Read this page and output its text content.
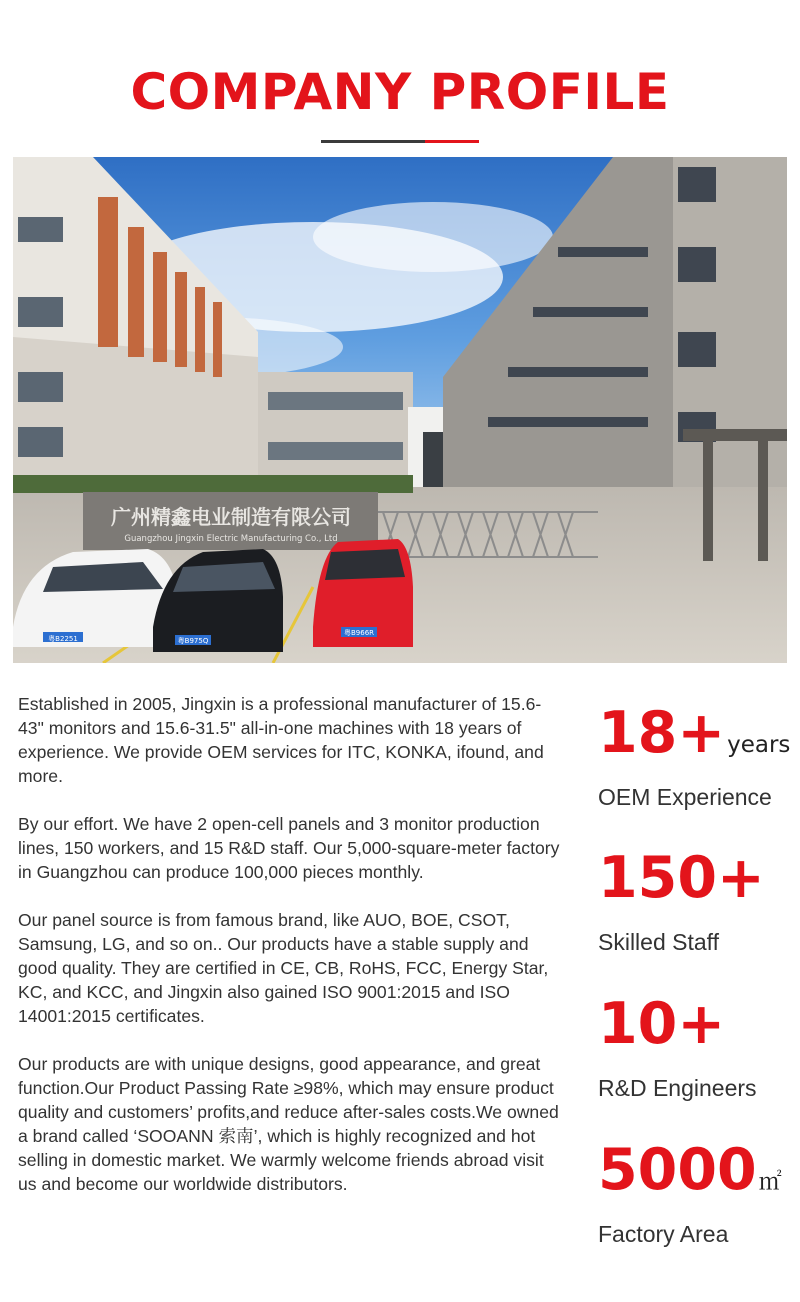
COMPANY PROFILE
广州精鑫电业制造有限公司
Guangzhou Jingxin Electric Manufacturing Co., Ltd
粤B2251	粤B975Q
粤B966R

Established in 2005, Jingxin is a professional manufacturer of 15.6-43" monitors and 15.6-31.5" all-in-one machines with 18 years of experience. We provide OEM services for ITC, KONKA, ifound, and more.

By our effort. We have 2 open-cell panels and 3 monitor production lines, 150 workers, and 15 R&D staff. Our 5,000-square-meter factory in Guangzhou can produce 100,000 pieces monthly.

Our panel source is from famous brand, like AUO, BOE, CSOT, Samsung, LG, and so on.. Our products have a stable supply and good quality. They are certified in CE, CB, RoHS, FCC, Energy Star, KC, and KCC, and Jingxin also gained ISO 9001:2015 and ISO 14001:2015 certificates.

Our products are with unique designs, good appearance, and great function.Our Product Passing Rate ≥98%, which may ensure product quality and customers’ profits,and reduce after-sales costs.We owned a brand called ‘SOOANN 索南’, which is highly recognized and hot selling in domestic market. We warmly welcome friends abroad visit us and become our worldwide distributors.

18+years
OEM Experience
150+
Skilled Staff
10+
R&D Engineers
5000㎡
Factory Area
